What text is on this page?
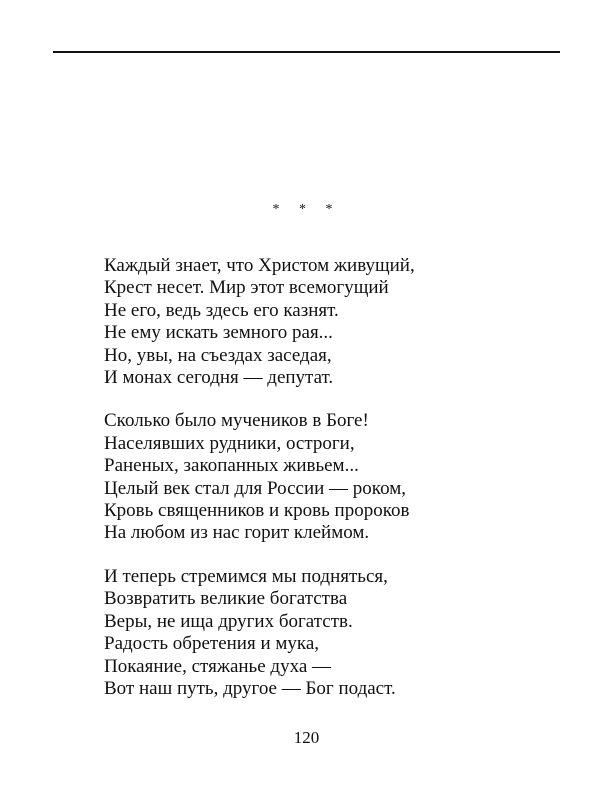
* * *
Каждый знает, что Христом живущий,
Крест несет. Мир этот всемогущий
Не его, ведь здесь его казнят.
Не ему искать земного рая...
Но, увы, на съездах заседая,
И монах сегодня — депутат.
Сколько было мучеников в Боге!
Населявших рудники, остроги,
Раненых, закопанных живьем...
Целый век стал для России — роком,
Кровь священников и кровь пророков
На любом из нас горит клеймом.
И теперь стремимся мы подняться,
Возвратить великие богатства
Веры, не ища других богатств.
Радость обретения и мука,
Покаяние, стяжанье духа —
Вот наш путь, другое — Бог подаст.
120
